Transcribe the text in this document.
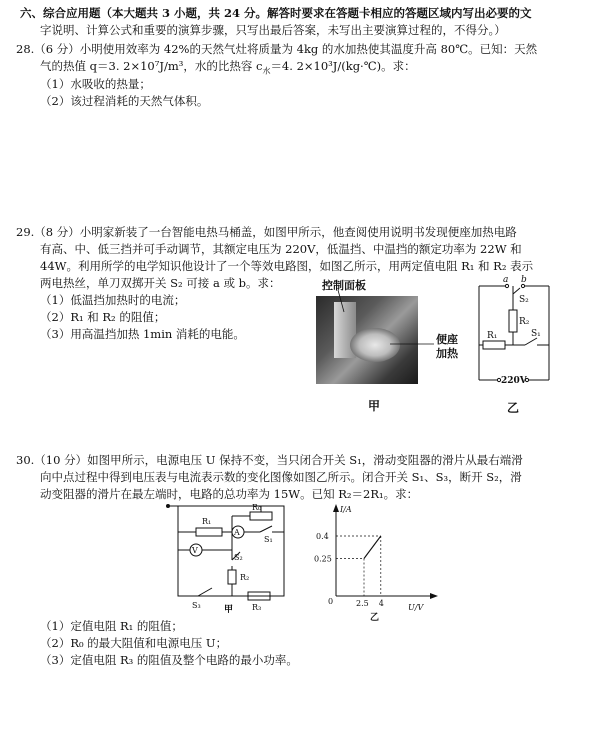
六、综合应用题（本大题共 3 小题，共 24 分。解答时要求在答题卡相应的答题区域内写出必要的文
字说明、计算公式和重要的演算步骤，只写出最后答案，未写出主要演算过程的，不得分。）
28.（6 分）小明使用效率为 42%的天然气灶将质量为 4kg 的水加热使其温度升高 80℃。已知：天然
气的热值 q＝3. 2×10⁷J/m³，水的比热容 $c_水=4$. 2×10³J/(kg·℃)。求：
（1）水吸收的热量；
（2）该过程消耗的天然气体积。
29.（8 分）小明家新装了一台智能电热马桶盖，如图甲所示，他查阅使用说明书发现便座加热电路
有高、中、低三挡并可手动调节，其额定电压为 220V，低温挡、中温挡的额定功率为 22W 和
44W。利用所学的电学知识他设计了一个等效电路图，如图乙所示，用两定值电阻 R₁ 和 R₂ 表示
两电热丝，单刀双掷开关 S₂ 可接 a 或 b。求：
（1）低温挡加热时的电流；
（2）R₁ 和 R₂ 的阻值；
（3）用高温挡加热 1min 消耗的电能。
控制面板
便座
加热
甲
a b
S₂
R₂
R₁	S₁
220V
乙
30.（10 分）如图甲所示，电源电压 U 保持不变，当只闭合开关 S₁，滑动变阻器的滑片从最右端滑
向中点过程中得到电压表与电流表示数的变化图像如图乙所示。闭合开关 S₁、S₃，断开 S₂，滑
动变阻器的滑片在最左端时，电路的总功率为 15W。已知 R₂＝2R₁。求：
R₁
R₀
A
V
S₁
S₂
R₂
S₃	R₃
甲
I/A
U/V
0
0.4
0.25
2.5 4
乙
（1）定值电阻 R₁ 的阻值；
（2）R₀ 的最大阻值和电源电压 U；
（3）定值电阻 R₃ 的阻值及整个电路的最小功率。
